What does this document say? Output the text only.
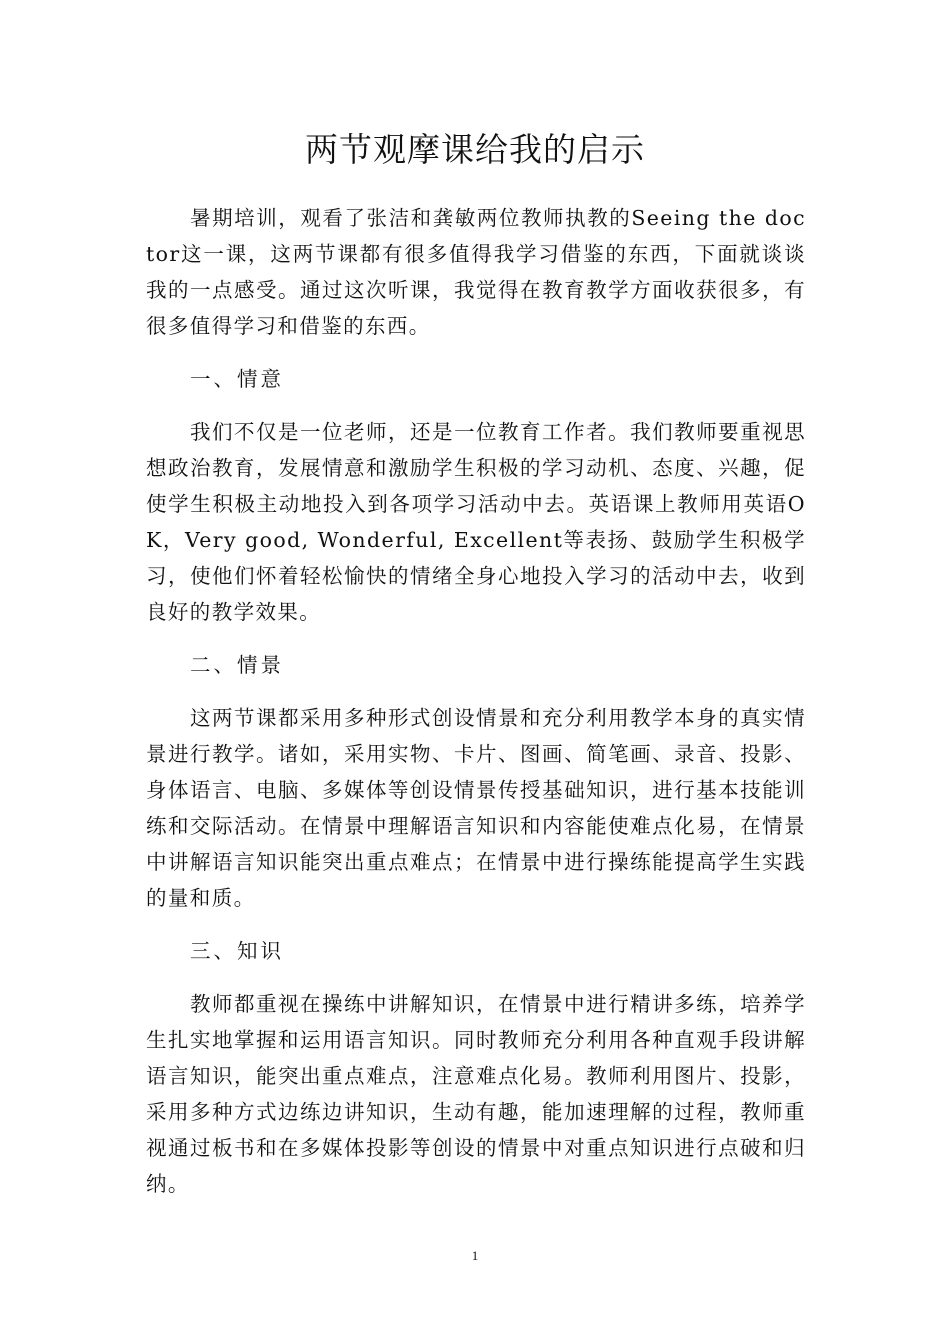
两节观摩课给我的启示

暑期培训，观看了张洁和龚敏两位教师执教的Seeing the doctor这一课，这两节课都有很多值得我学习借鉴的东西，下面就谈谈我的一点感受。通过这次听课，我觉得在教育教学方面收获很多，有很多值得学习和借鉴的东西。

一、情意

我们不仅是一位老师，还是一位教育工作者。我们教师要重视思想政治教育，发展情意和激励学生积极的学习动机、态度、兴趣，促使学生积极主动地投入到各项学习活动中去。英语课上教师用英语OK，Very good, Wonderful, Excellent等表扬、鼓励学生积极学习，使他们怀着轻松愉快的情绪全身心地投入学习的活动中去，收到良好的教学效果。

二、情景

这两节课都采用多种形式创设情景和充分利用教学本身的真实情景进行教学。诸如，采用实物、卡片、图画、简笔画、录音、投影、身体语言、电脑、多媒体等创设情景传授基础知识，进行基本技能训练和交际活动。在情景中理解语言知识和内容能使难点化易，在情景中讲解语言知识能突出重点难点；在情景中进行操练能提高学生实践的量和质。

三、知识

教师都重视在操练中讲解知识，在情景中进行精讲多练，培养学生扎实地掌握和运用语言知识。同时教师充分利用各种直观手段讲解语言知识，能突出重点难点，注意难点化易。教师利用图片、投影，采用多种方式边练边讲知识，生动有趣，能加速理解的过程，教师重视通过板书和在多媒体投影等创设的情景中对重点知识进行点破和归纳。

1
